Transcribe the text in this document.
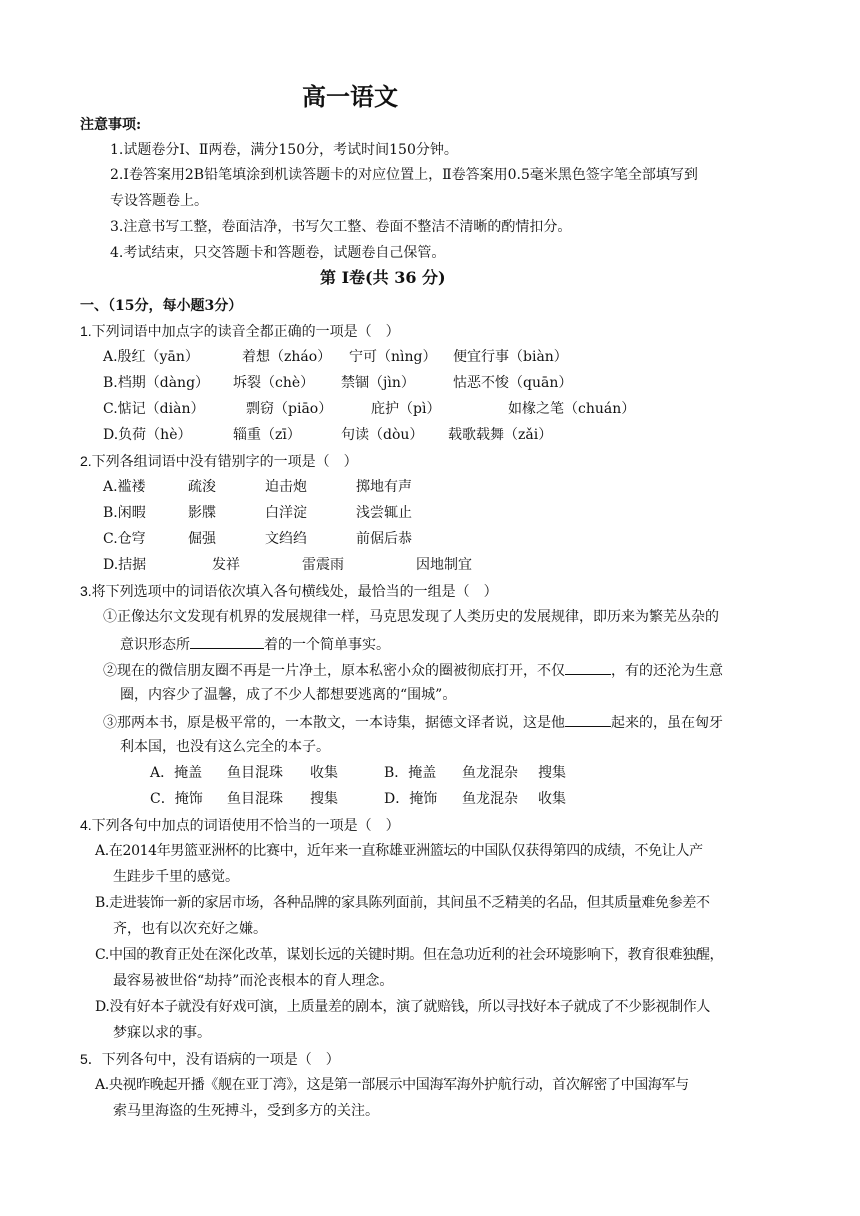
高一语文
注意事项:
1.试题卷分Ⅰ、Ⅱ两卷，满分150分，考试时间150分钟。
2.Ⅰ卷答案用2B铅笔填涂到机读答题卡的对应位置上，Ⅱ卷答案用0.5毫米黑色签字笔全部填写到
专设答题卷上。
3.注意书写工整，卷面洁净，书写欠工整、卷面不整洁不清晰的酌情扣分。
4.考试结束，只交答题卡和答题卷，试题卷自己保管。
第 Ⅰ卷(共 36 分)
一、（15分，每小题3分）
1.下列词语中加点字的读音全都正确的一项是（　）
A.殷红（yān）	着想（zháo） 宁可（nìng） 便宜行事（biàn）
B.档期（dàng） 坼裂（chè） 禁锢（jìn）	怙恶不悛（quān）
C.惦记（diàn）	剽窃（piāo）	庇护（pì）	如椽之笔（chuán）
D.负荷（hè）	辎重（zī）	句读（dòu） 载歌载舞（zǎi）
2.下列各组词语中没有错别字的一项是（　）
A.褴褛	疏浚	迫击炮	掷地有声
B.闲暇	影牒	白洋淀	浅尝辄止
C.仓穹	倔强	文绉绉	前倨后恭
D.拮据	发祥	雷震雨	因地制宜
3.将下列选项中的词语依次填入各句横线处，最恰当的一组是（　）
①正像达尔文发现有机界的发展规律一样，马克思发现了人类历史的发展规律，即历来为繁芜丛杂的
意识形态所	着的一个简单事实。
②现在的微信朋友圈不再是一片净土，原本私密小众的圈被彻底打开，不仅	，有的还沦为生意
圈，内容少了温馨，成了不少人都想要逃离的“围城”。
③那两本书，原是极平常的，一本散文，一本诗集，据德文译者说，这是他	起来的，虽在匈牙
利本国，也没有这么完全的本子。
A．掩盖 鱼目混珠 收集	B．掩盖 鱼龙混杂 搜集
C．掩饰 鱼目混珠 搜集	D．掩饰 鱼龙混杂 收集
4.下列各句中加点的词语使用不恰当的一项是（　）
A.在2014年男篮亚洲杯的比赛中，近年来一直称雄亚洲篮坛的中国队仅获得第四的成绩，不免让人产
生跬步千里的感觉。
B.走进装饰一新的家居市场，各种品牌的家具陈列面前，其间虽不乏精美的名品，但其质量难免参差不
齐，也有以次充好之嫌。
C.中国的教育正处在深化改革，谋划长远的关键时期。但在急功近利的社会环境影响下，教育很难独醒，
最容易被世俗“劫持”而沦丧根本的育人理念。
D.没有好本子就没有好戏可演，上质量差的剧本，演了就赔钱，所以寻找好本子就成了不少影视制作人
梦寐以求的事。
5．下列各句中，没有语病的一项是（　）
A.央视昨晚起开播《舰在亚丁湾》，这是第一部展示中国海军海外护航行动，首次解密了中国海军与
索马里海盗的生死搏斗，受到多方的关注。
